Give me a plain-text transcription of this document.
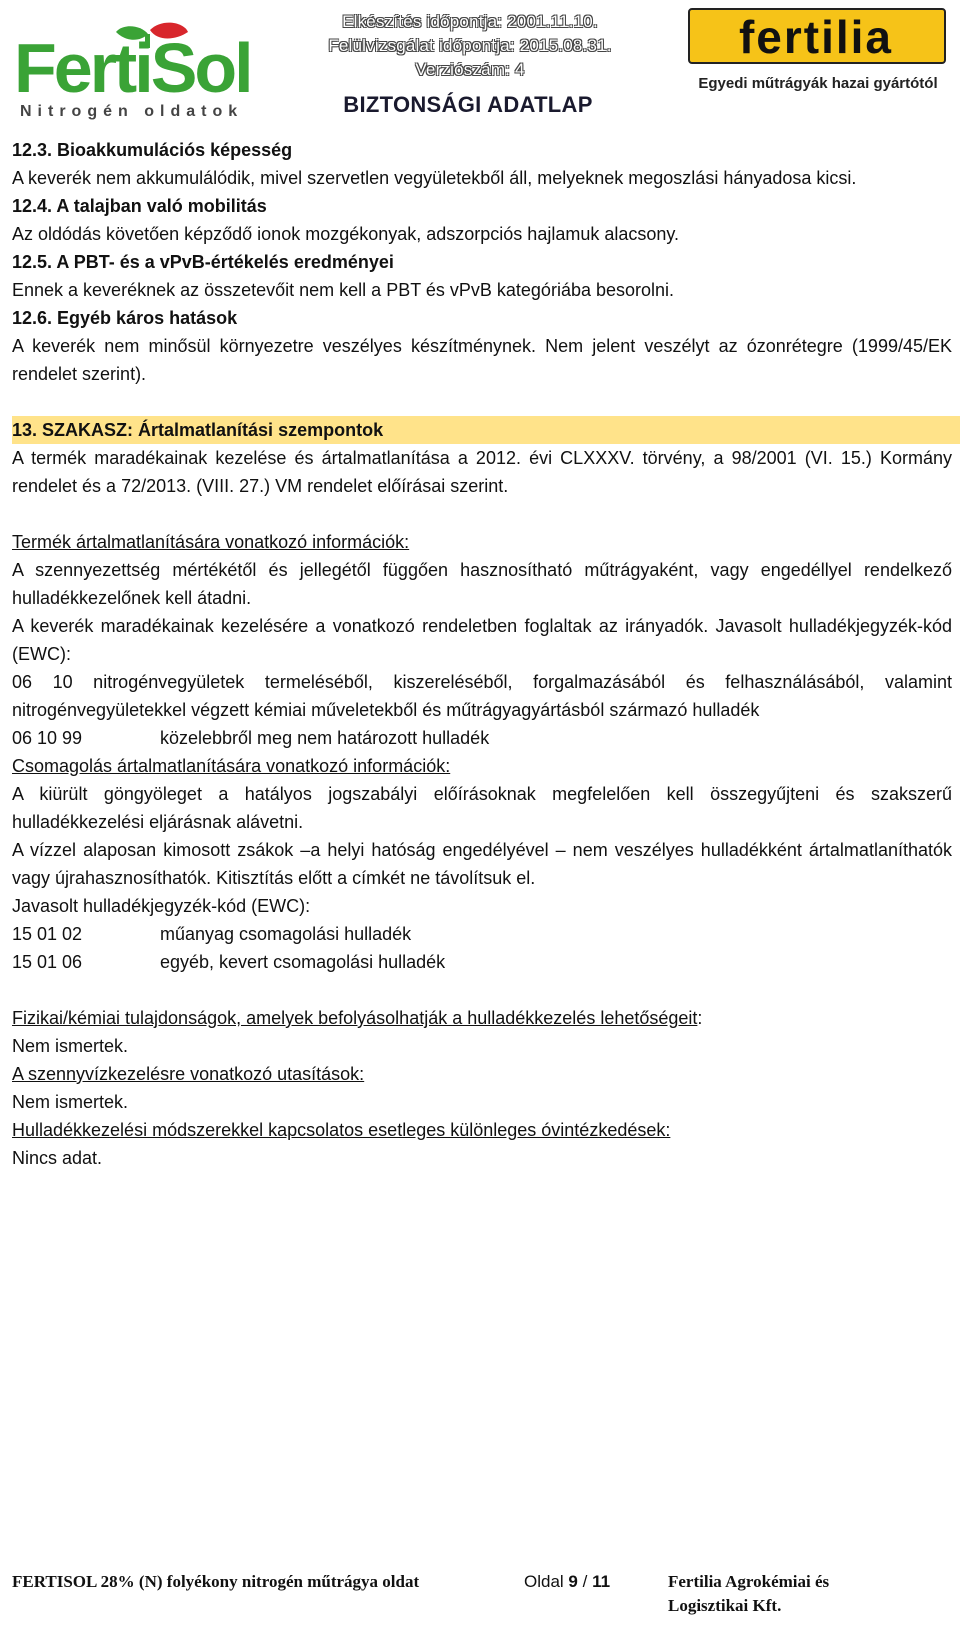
FertiSol
Nitrogén oldatok
Elkészítés időpontja: 2001.11.10.
Felülvizsgálat időpontja: 2015.08.31.
Verziószám: 4
BIZTONSÁGI ADATLAP
fertilia
Egyedi műtrágyák hazai gyártótól

12.3. Bioakkumulációs képesség

A keverék nem akkumulálódik, mivel szervetlen vegyületekből áll, melyeknek megoszlási hányadosa kicsi.

12.4. A talajban való mobilitás

Az oldódás követően képződő ionok mozgékonyak, adszorpciós hajlamuk alacsony.

12.5. A PBT- és a vPvB-értékelés eredményei

Ennek a keveréknek az összetevőit nem kell a PBT és vPvB kategóriába besorolni.

12.6. Egyéb káros hatások

A keverék nem minősül környezetre veszélyes készítménynek. Nem jelent veszélyt az ózonrétegre (1999/45/EK rendelet szerint).

13. SZAKASZ: Ártalmatlanítási szempontok

A termék maradékainak kezelése és ártalmatlanítása a 2012. évi CLXXXV. törvény, a 98/2001 (VI. 15.) Kormány rendelet és a 72/2013. (VIII. 27.) VM rendelet előírásai szerint.

Termék ártalmatlanítására vonatkozó információk:

A szennyezettség mértékétől és jellegétől függően hasznosítható műtrágyaként, vagy engedéllyel rendelkező hulladékkezelőnek kell átadni.

A keverék maradékainak kezelésére a vonatkozó rendeletben foglaltak az irányadók. Javasolt hulladékjegyzék-kód (EWC):

06 10 nitrogénvegyületek termeléséből, kiszereléséből, forgalmazásából és felhasználásából, valamint nitrogénvegyületekkel végzett kémiai műveletekből és műtrágyagyártásból származó hulladék

06 10 99	közelebbről meg nem határozott hulladék

Csomagolás ártalmatlanítására vonatkozó információk:

A kiürült göngyöleget a hatályos jogszabályi előírásoknak megfelelően kell összegyűjteni és szakszerű hulladékkezelési eljárásnak alávetni.

A vízzel alaposan kimosott zsákok –a helyi hatóság engedélyével – nem veszélyes hulladékként ártalmatlaníthatók vagy újrahasznosíthatók. Kitisztítás előtt a címkét ne távolítsuk el.

Javasolt hulladékjegyzék-kód (EWC):

15 01 02	műanyag csomagolási hulladék
15 01 06	egyéb, kevert csomagolási hulladék

Fizikai/kémiai tulajdonságok, amelyek befolyásolhatják a hulladékkezelés lehetőségeit:

Nem ismertek.

A szennyvízkezelésre vonatkozó utasítások:

Nem ismertek.

Hulladékkezelési módszerekkel kapcsolatos esetleges különleges óvintézkedések:

Nincs adat.

FERTISOL 28% (N) folyékony nitrogén műtrágya oldat	Oldal 9 / 11	Fertilia Agrokémiai és Logisztikai Kft.
